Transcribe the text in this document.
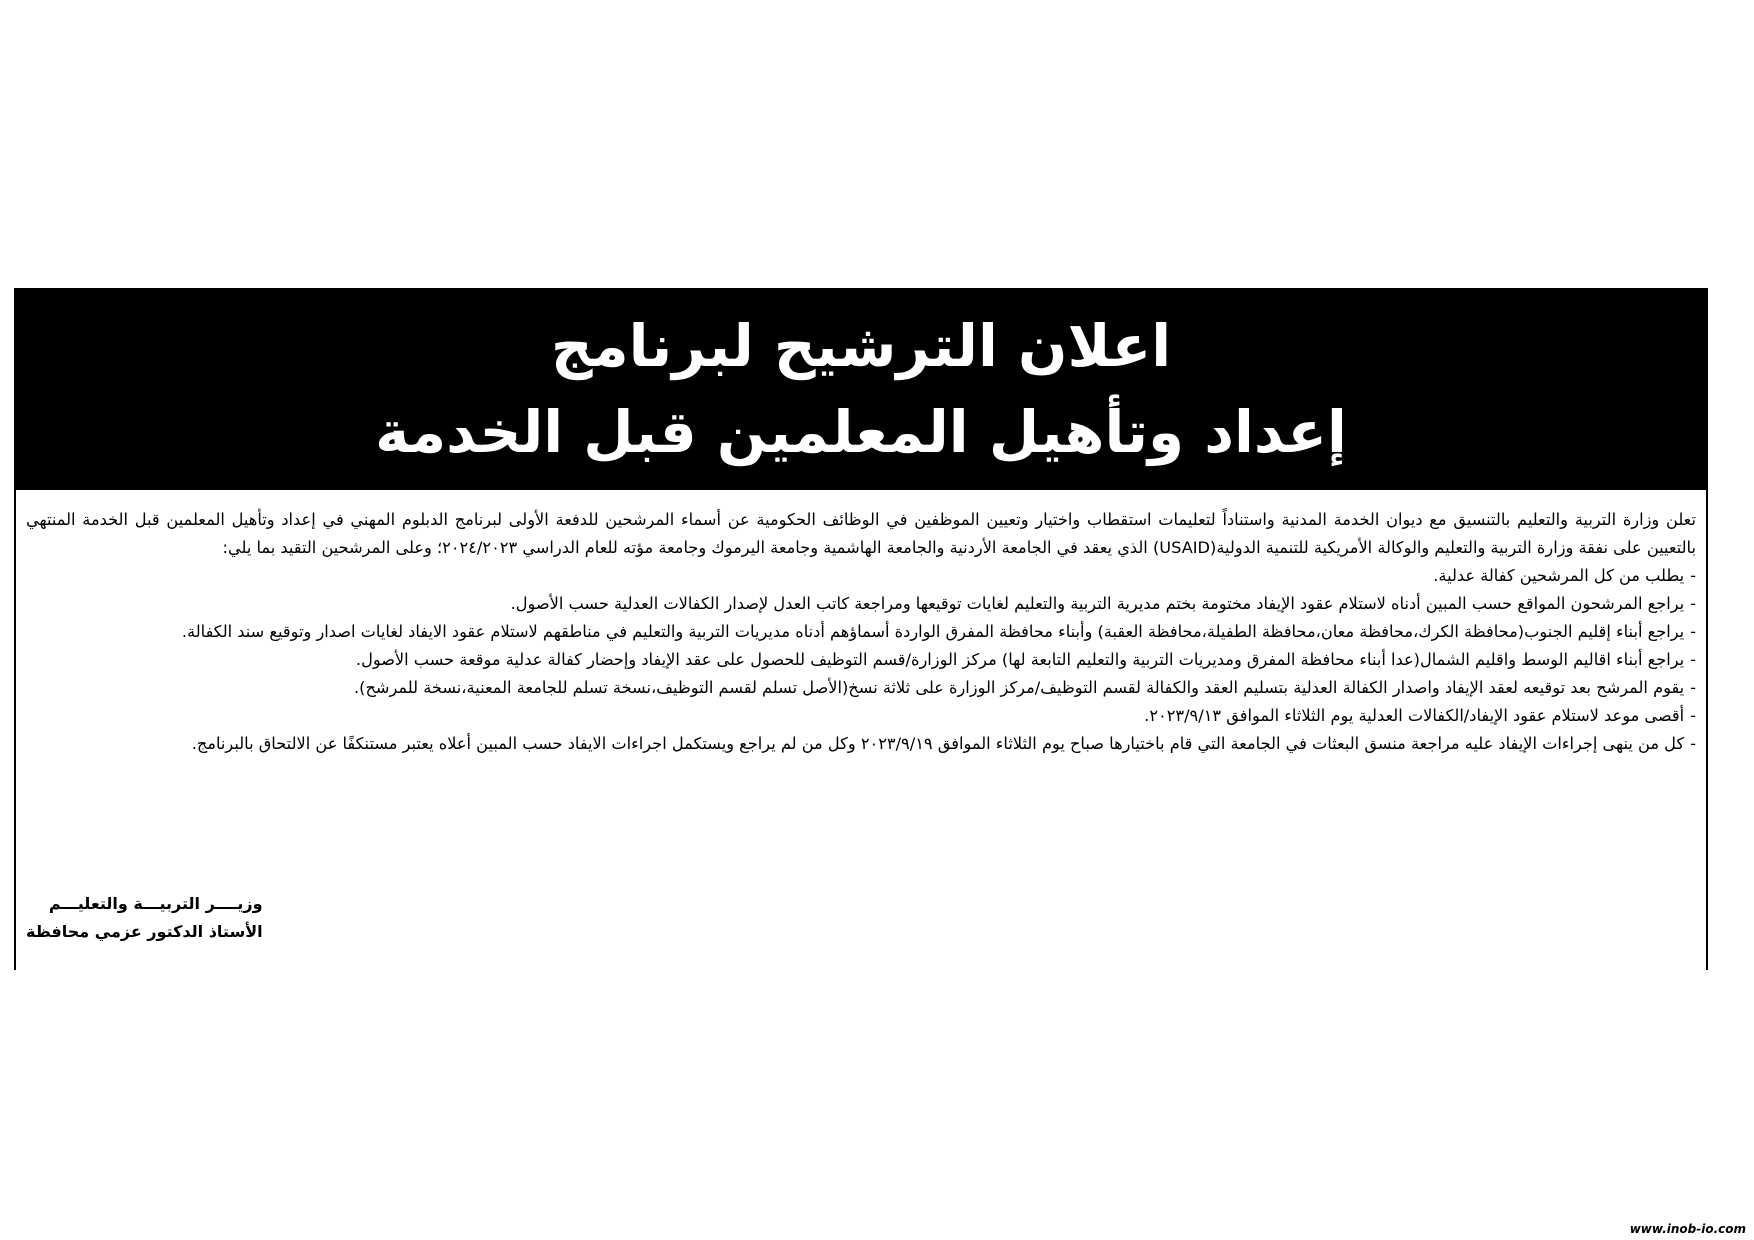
اعلان الترشيح لبرنامج
إعداد وتأهيل المعلمين قبل الخدمة

تعلن وزارة التربية والتعليم بالتنسيق مع ديوان الخدمة المدنية واستناداً لتعليمات استقطاب واختيار وتعيين الموظفين في الوظائف الحكومية عن أسماء المرشحين للدفعة الأولى لبرنامج الدبلوم المهني في إعداد وتأهيل المعلمين قبل الخدمة المنتهي بالتعيين على نفقة وزارة التربية والتعليم والوكالة الأمريكية للتنمية الدولية(USAID) الذي يعقد في الجامعة الأردنية والجامعة الهاشمية وجامعة اليرموك وجامعة مؤته للعام الدراسي ٢٠٢٤/٢٠٢٣؛ وعلى المرشحين التقيد بما يلي:

-يطلب من كل المرشحين كفالة عدلية.
-يراجع المرشحون المواقع حسب المبين أدناه لاستلام عقود الإيفاد مختومة بختم مديرية التربية والتعليم لغايات توقيعها ومراجعة كاتب العدل لإصدار الكفالات العدلية حسب الأصول.
-يراجع أبناء إقليم الجنوب(محافظة الكرك،محافظة معان،محافظة الطفيلة،محافظة العقبة) وأبناء محافظة المفرق الواردة أسماؤهم أدناه مديريات التربية والتعليم في مناطقهم لاستلام عقود الايفاد لغايات اصدار وتوقيع سند الكفالة.
-يراجع أبناء اقاليم الوسط واقليم الشمال(عدا أبناء محافظة المفرق ومديريات التربية والتعليم التابعة لها) مركز الوزارة/قسم التوظيف للحصول على عقد الإيفاد وإحضار كفالة عدلية موقعة حسب الأصول.
-يقوم المرشح بعد توقيعه لعقد الإيفاد واصدار الكفالة العدلية بتسليم العقد والكفالة لقسم التوظيف/مركز الوزارة على ثلاثة نسخ(الأصل تسلم لقسم التوظيف،نسخة تسلم للجامعة المعنية،نسخة للمرشح).
-أقصى موعد لاستلام عقود الإيفاد/الكفالات العدلية يوم الثلاثاء الموافق ٢٠٢٣/٩/١٣.
-كل من ينهى إجراءات الإيفاد عليه مراجعة منسق البعثات في الجامعة التي قام باختيارها صباح يوم الثلاثاء الموافق ٢٠٢٣/٩/١٩ وكل من لم يراجع ويستكمل اجراءات الايفاد حسب المبين أعلاه يعتبر مستنكفًا عن الالتحاق بالبرنامج.
وزيــــر التربيـــة والتعليـــم
الأستاذ الدكتور عزمي محافظة
www.inob-io.com
